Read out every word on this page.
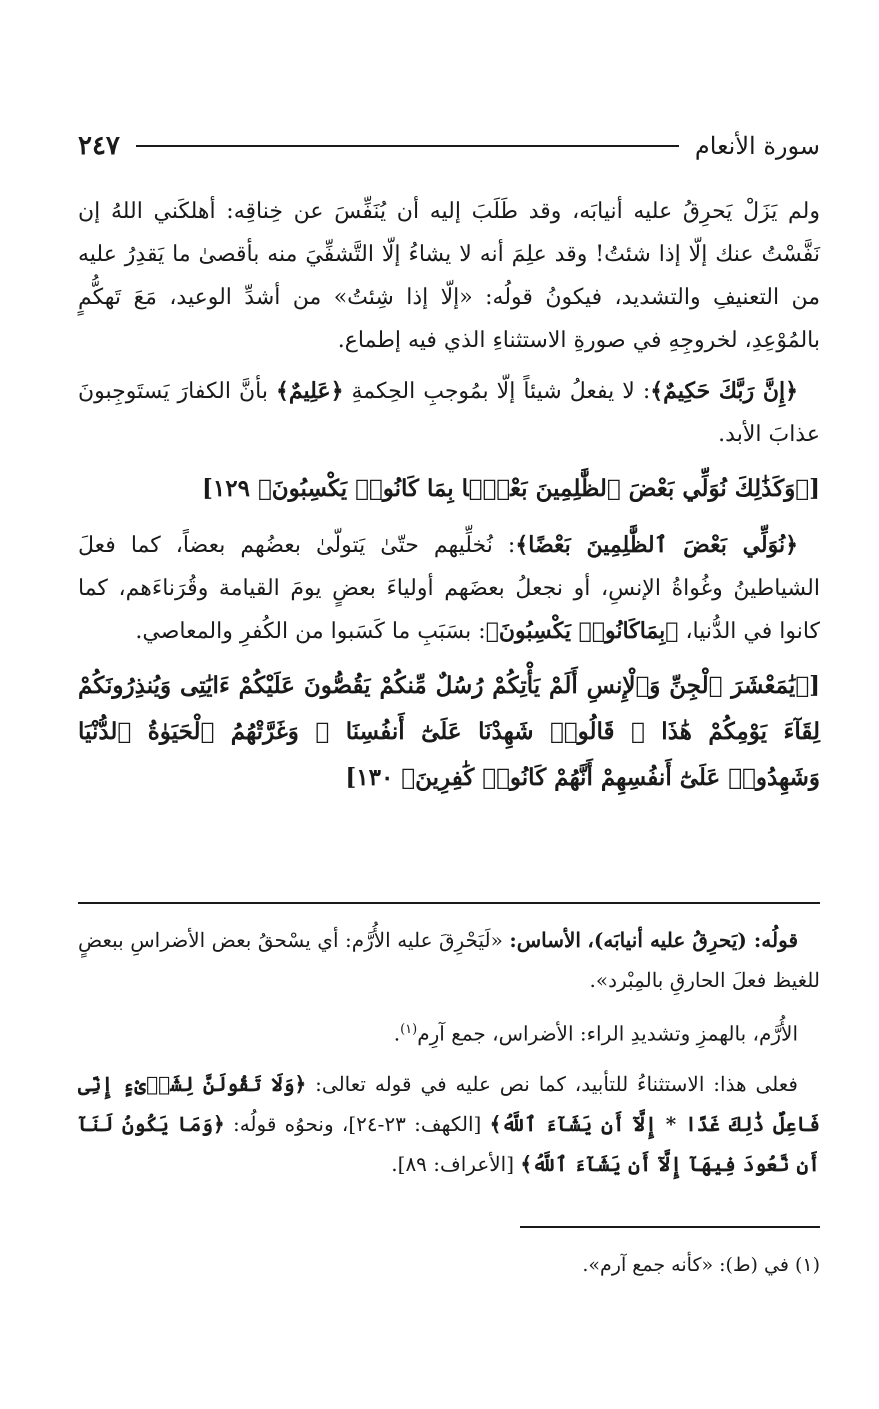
سورة الأنعام
٢٤٧

ولم يَزَلْ يَحرِقُ عليه أنيابَه، وقد طَلَبَ إليه أن يُنَفِّسَ عن خِناقِه: أهلكَني اللهُ إن نَفَّسْتُ عنك إلّا إذا شئتُ! وقد علِمَ أنه لا يشاءُ إلّا التَّشفِّيَ منه بأقصىٰ ما يَقدِرُ عليه من التعنيفِ والتشديد، فيكونُ قولُه: «إلّا إذا شِئتُ» من أشدِّ الوعيد، مَعَ تَهكُّمٍ بالمُوْعِدِ، لخروجِهِ في صورةِ الاستثناءِ الذي فيه إطماع.

﴿إِنَّ رَبَّكَ حَكِيمٌ﴾: لا يفعلُ شيئاً إلّا بمُوجبِ الحِكمةِ ﴿عَلِيمٌ﴾ بأنَّ الكفارَ يَستَوجِبونَ عذابَ الأبد.

[﴿وَكَذَٰلِكَ نُوَلِّي بَعْضَ ٱلظَّٰلِمِينَ بَعْضًۢا بِمَا كَانُوا۟ يَكْسِبُونَ﴾ ١٢٩]

﴿نُوَلِّي بَعْضَ ٱلظَّٰلِمِينَ بَعْضًا﴾: نُخلِّيهم حتّىٰ يَتولّىٰ بعضُهم بعضاً، كما فعلَ الشياطينُ وغُواةُ الإنسِ، أو نجعلُ بعضَهم أولياءَ بعضٍ يومَ القيامة وقُرَناءَهم، كما كانوا في الدُّنيا، ﴿بِمَاكَانُوا۟ يَكْسِبُونَ﴾: بسَبَبِ ما كَسَبوا من الكُفرِ والمعاصي.

[﴿يَٰمَعْشَرَ ٱلْجِنِّ وَٱلْإِنسِ أَلَمْ يَأْتِكُمْ رُسُلٌ مِّنكُمْ يَقُصُّونَ عَلَيْكُمْ ءَايَٰتِى وَيُنذِرُونَكُمْ لِقَآءَ يَوْمِكُمْ هَٰذَا ۚ قَالُوا۟ شَهِدْنَا عَلَىٰٓ أَنفُسِنَا ۖ وَغَرَّتْهُمُ ٱلْحَيَوٰةُ ٱلدُّنْيَا وَشَهِدُوا۟ عَلَىٰٓ أَنفُسِهِمْ أَنَّهُمْ كَانُوا۟ كَٰفِرِينَ﴾ ١٣٠]

قولُه: (يَحرِقُ عليه أنيابَه)، الأساس: «لَيَحْرِقَ عليه الأُرَّم: أي يسْحقُ بعض الأضراسِ ببعضٍ للغيظ فعلَ الحارقِ بالمِبْرد».

الأُرَّم، بالهمزِ وتشديدِ الراء: الأضراس، جمع آرِم$^{(١)}$.

فعلى هذا: الاستثناءُ للتأبيد، كما نص عليه في قوله تعالى: ﴿وَلَا تَقُولَنَّ لِشَا۟ىْءٍ إِنِّى فَاعِلٌ ذَٰلِكَ غَدًا * إِلَّآ أَن يَشَآءَ ٱللَّهُ﴾ [الكهف: ٢٣-٢٤]، ونحوُه قولُه: ﴿وَمَا يَكُونُ لَنَآ أَن نَّعُودَ فِيهَآ إِلَّآ أَن يَشَآءَ ٱللَّهُ﴾ [الأعراف: ٨٩].

(١) في (ط): «كأنه جمع آرم».
